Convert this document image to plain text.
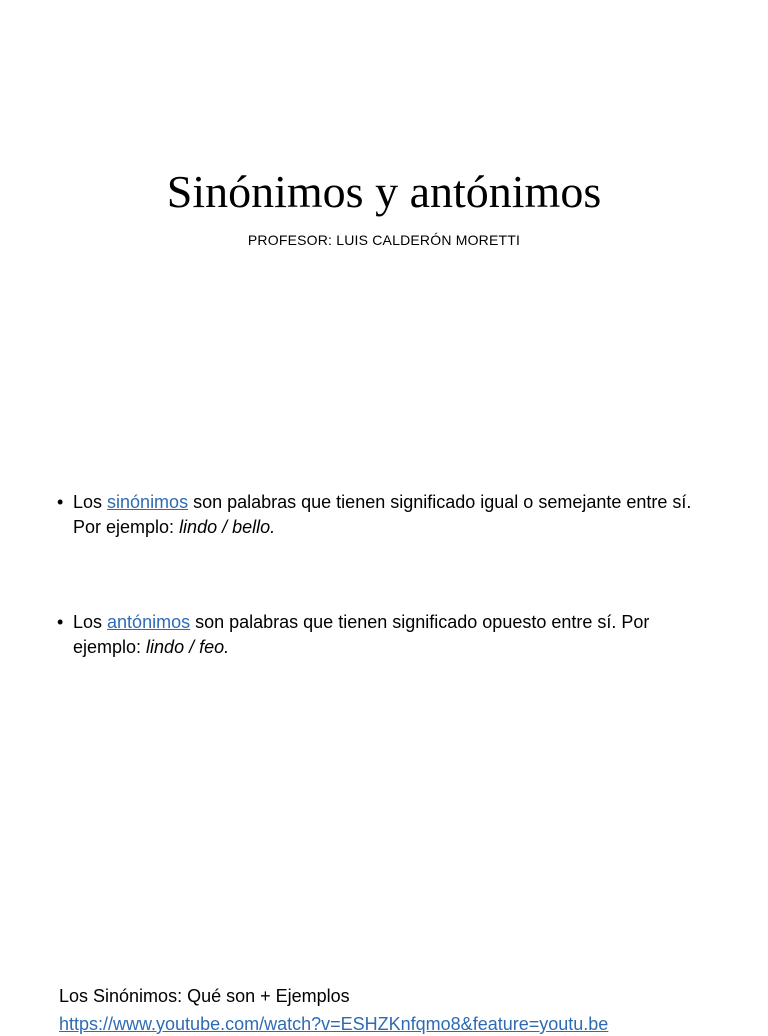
Sinónimos y antónimos
PROFESOR: LUIS CALDERÓN MORETTI
• Los sinónimos son palabras que tienen significado igual o semejante entre sí. Por ejemplo: lindo / bello.
• Los antónimos son palabras que tienen significado opuesto entre sí. Por ejemplo: lindo / feo.
Los Sinónimos: Qué son + Ejemplos
https://www.youtube.com/watch?v=ESHZKnfqmo8&feature=youtu.be
